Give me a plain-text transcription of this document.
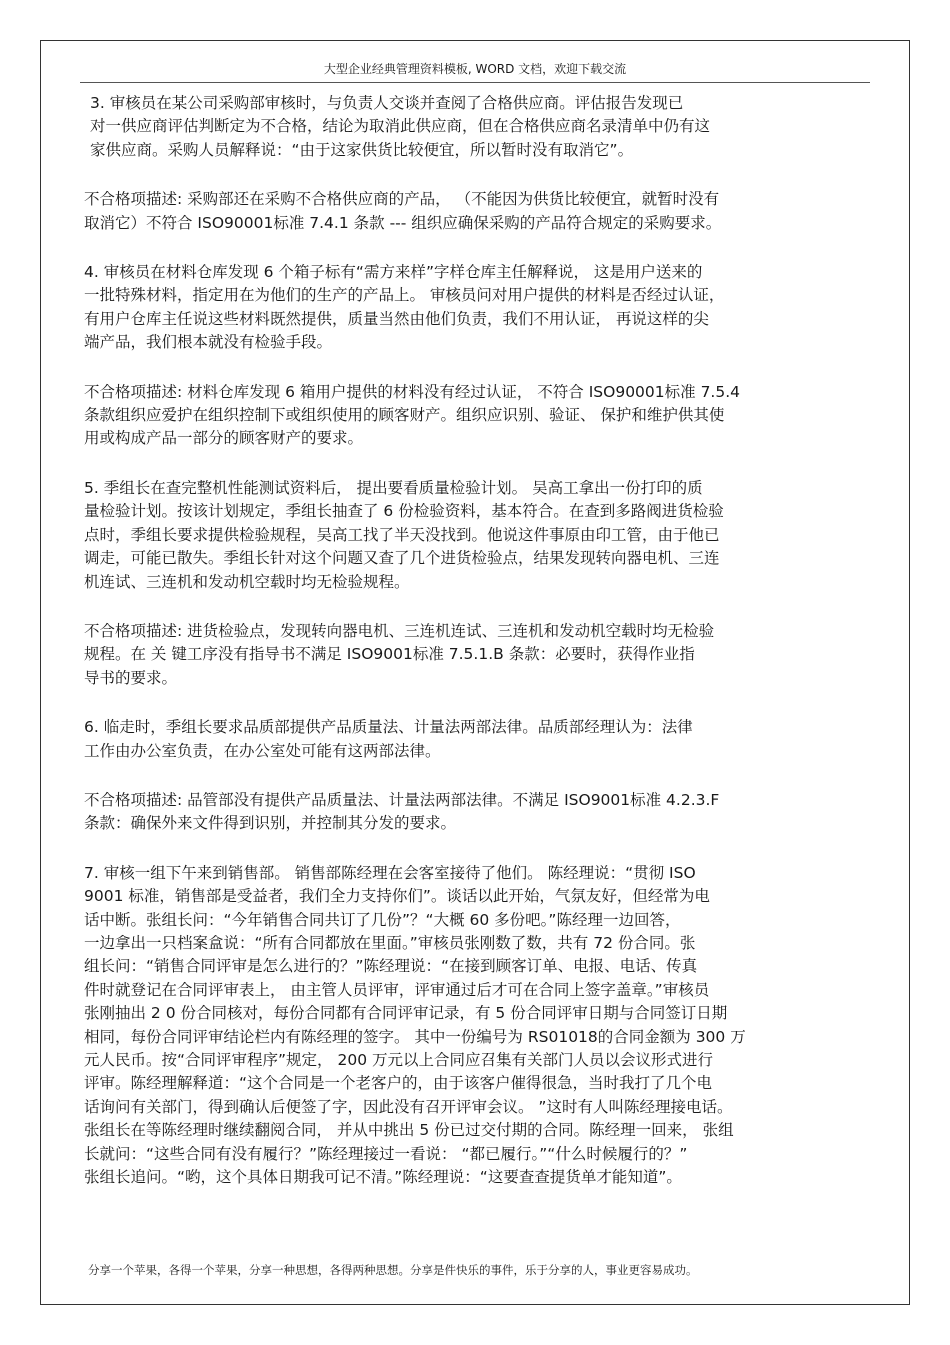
大型企业经典管理资料模板, WORD 文档，欢迎下载交流
3. 审核员在某公司采购部审核时，与负责人交谈并查阅了合格供应商。评估报告发现已
对一供应商评估判断定为不合格，结论为取消此供应商，但在合格供应商名录清单中仍有这
家供应商。采购人员解释说：“由于这家供货比较便宜，所以暂时没有取消它”。
不合格项描述: 采购部还在采购不合格供应商的产品， （不能因为供货比较便宜，就暂时没有
取消它）不符合 ISO90001标准 7.4.1 条款 --- 组织应确保采购的产品符合规定的采购要求。
4. 审核员在材料仓库发现 6 个箱子标有“需方来样”字样仓库主任解释说， 这是用户送来的
一批特殊材料，指定用在为他们的生产的产品上。 审核员问对用户提供的材料是否经过认证，
有用户仓库主任说这些材料既然提供，质量当然由他们负责，我们不用认证， 再说这样的尖
端产品，我们根本就没有检验手段。
不合格项描述: 材料仓库发现 6 箱用户提供的材料没有经过认证， 不符合 ISO90001标准 7.5.4
条款组织应爱护在组织控制下或组织使用的顾客财产。组织应识别、验证、 保护和维护供其使
用或构成产品一部分的顾客财产的要求。
5. 季组长在查完整机性能测试资料后， 提出要看质量检验计划。 吴高工拿出一份打印的质
量检验计划。按该计划规定，季组长抽查了 6 份检验资料，基本符合。在查到多路阀进货检验
点时，季组长要求提供检验规程，吴高工找了半天没找到。他说这件事原由印工管，由于他已
调走，可能已散失。季组长针对这个问题又查了几个进货检验点，结果发现转向器电机、三连
机连试、三连机和发动机空载时均无检验规程。
不合格项描述: 进货检验点，发现转向器电机、三连机连试、三连机和发动机空载时均无检验
规程。在 关 键工序没有指导书不满足 ISO9001标准 7.5.1.B 条款：必要时，获得作业指
导书的要求。
6. 临走时，季组长要求品质部提供产品质量法、计量法两部法律。品质部经理认为：法律
工作由办公室负责，在办公室处可能有这两部法律。
不合格项描述: 品管部没有提供产品质量法、计量法两部法律。不满足 ISO9001标准 4.2.3.F
条款：确保外来文件得到识别，并控制其分发的要求。
7. 审核一组下午来到销售部。 销售部陈经理在会客室接待了他们。 陈经理说：“贯彻 ISO
9001 标准，销售部是受益者，我们全力支持你们”。谈话以此开始，气氛友好，但经常为电
话中断。张组长问：“今年销售合同共订了几份”？“大概 60 多份吧。”陈经理一边回答，
一边拿出一只档案盒说：“所有合同都放在里面。”审核员张刚数了数，共有 72 份合同。张
组长问：“销售合同评审是怎么进行的？”陈经理说：“在接到顾客订单、电报、电话、传真
件时就登记在合同评审表上， 由主管人员评审，评审通过后才可在合同上签字盖章。”审核员
张刚抽出 2 0 份合同核对，每份合同都有合同评审记录，有 5 份合同评审日期与合同签订日期
相同，每份合同评审结论栏内有陈经理的签字。 其中一份编号为 RS01018的合同金额为 300 万
元人民币。按“合同评审程序”规定， 200 万元以上合同应召集有关部门人员以会议形式进行
评审。陈经理解释道：“这个合同是一个老客户的，由于该客户催得很急，当时我打了几个电
话询问有关部门，得到确认后便签了字，因此没有召开评审会议。 ”这时有人叫陈经理接电话。
张组长在等陈经理时继续翻阅合同， 并从中挑出 5 份已过交付期的合同。陈经理一回来， 张组
长就问：“这些合同有没有履行？”陈经理接过一看说： “都已履行。”“什么时候履行的？”
张组长追问。“哟，这个具体日期我可记不清。”陈经理说：“这要查查提货单才能知道”。
分享一个苹果，各得一个苹果，分享一种思想，各得两种思想。分享是件快乐的事件，乐于分享的人，事业更容易成功。
